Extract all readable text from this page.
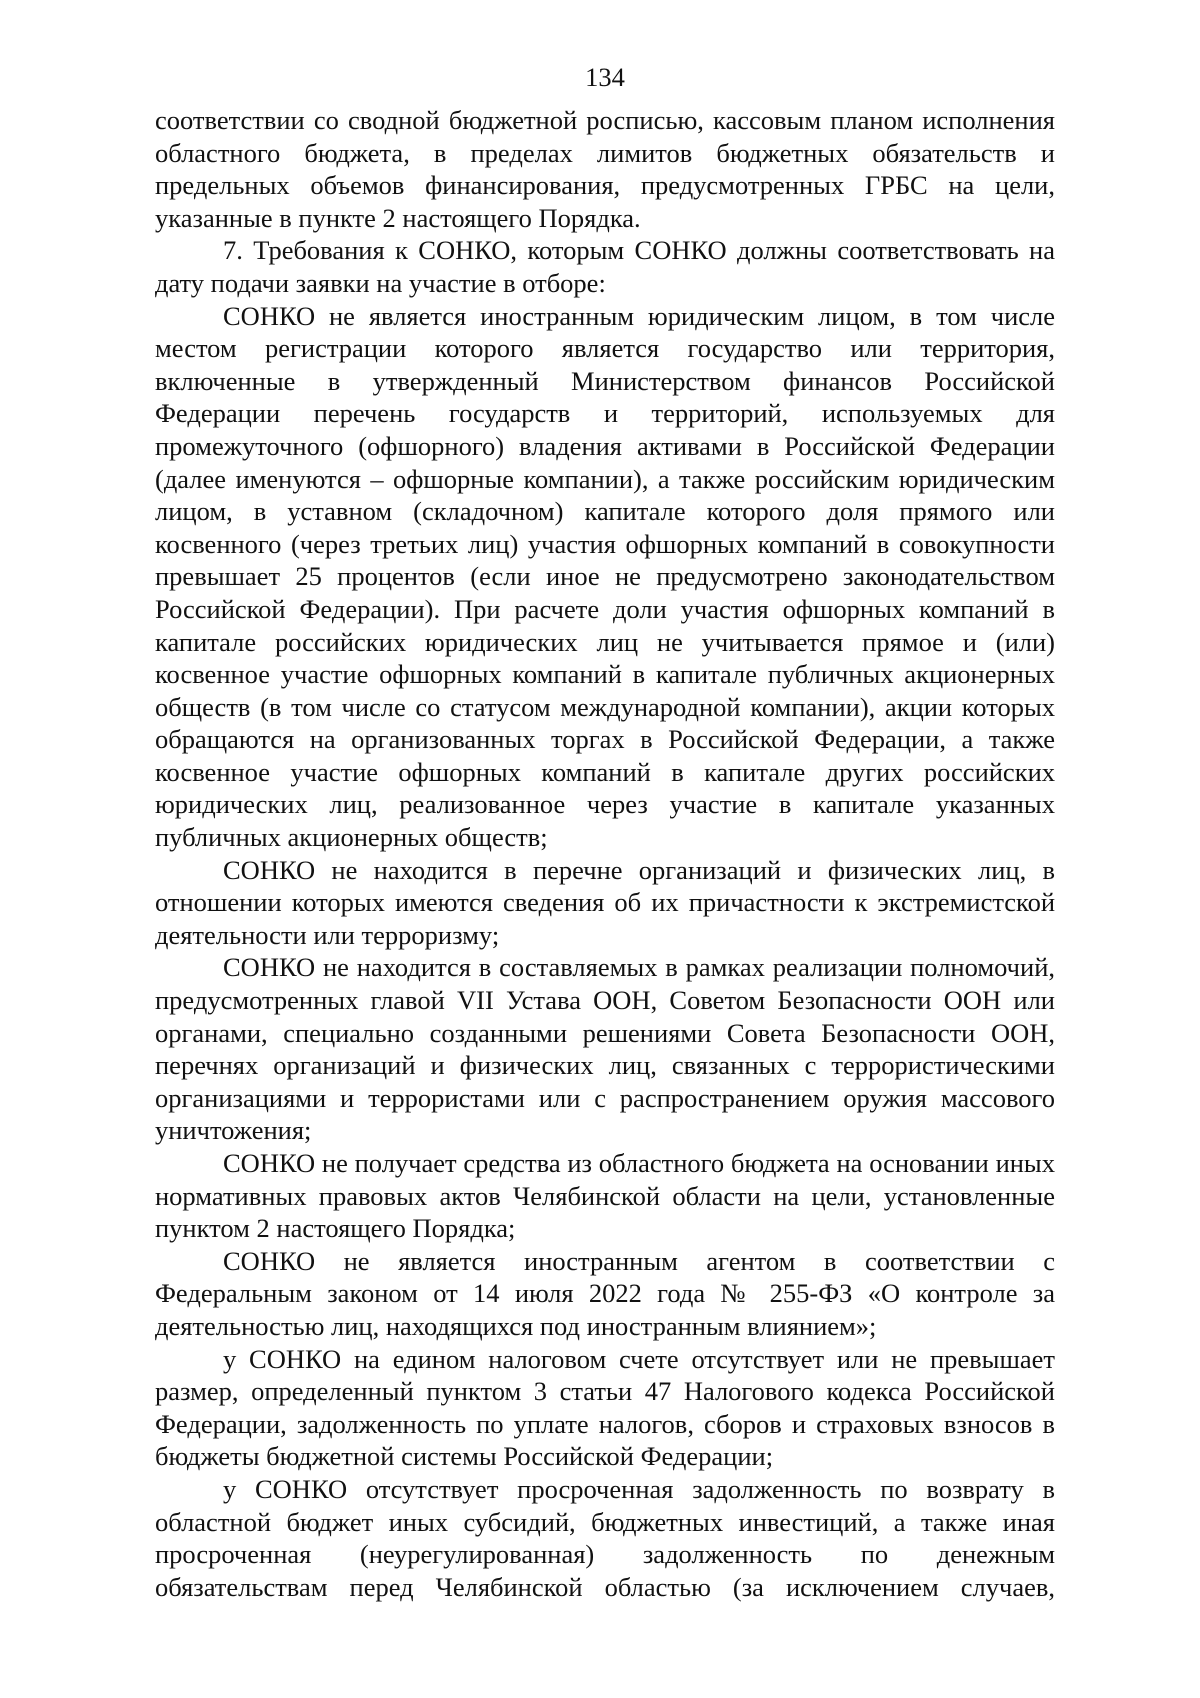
134

соответствии со сводной бюджетной росписью, кассовым планом исполнения областного бюджета, в пределах лимитов бюджетных обязательств и предельных объемов финансирования, предусмотренных ГРБС на цели, указанные в пункте 2 настоящего Порядка.

7. Требования к СОНКО, которым СОНКО должны соответствовать на дату подачи заявки на участие в отборе:

СОНКО не является иностранным юридическим лицом, в том числе местом регистрации которого является государство или территория, включенные в утвержденный Министерством финансов Российской Федерации перечень государств и территорий, используемых для промежуточного (офшорного) владения активами в Российской Федерации (далее именуются – офшорные компании), а также российским юридическим лицом, в уставном (складочном) капитале которого доля прямого или косвенного (через третьих лиц) участия офшорных компаний в совокупности превышает 25 процентов (если иное не предусмотрено законодательством Российской Федерации). При расчете доли участия офшорных компаний в капитале российских юридических лиц не учитывается прямое и (или) косвенное участие офшорных компаний в капитале публичных акционерных обществ (в том числе со статусом международной компании), акции которых обращаются на организованных торгах в Российской Федерации, а также косвенное участие офшорных компаний в капитале других российских юридических лиц, реализованное через участие в капитале указанных публичных акционерных обществ;

СОНКО не находится в перечне организаций и физических лиц, в отношении которых имеются сведения об их причастности к экстремистской деятельности или терроризму;

СОНКО не находится в составляемых в рамках реализации полномочий, предусмотренных главой VII Устава ООН, Советом Безопасности ООН или органами, специально созданными решениями Совета Безопасности ООН, перечнях организаций и физических лиц, связанных с террористическими организациями и террористами или с распространением оружия массового уничтожения;

СОНКО не получает средства из областного бюджета на основании иных нормативных правовых актов Челябинской области на цели, установленные пунктом 2 настоящего Порядка;

СОНКО не является иностранным агентом в соответствии с Федеральным законом от 14 июля 2022 года № 255-ФЗ «О контроле за деятельностью лиц, находящихся под иностранным влиянием»;

у СОНКО на едином налоговом счете отсутствует или не превышает размер, определенный пунктом 3 статьи 47 Налогового кодекса Российской Федерации, задолженность по уплате налогов, сборов и страховых взносов в бюджеты бюджетной системы Российской Федерации;

у СОНКО отсутствует просроченная задолженность по возврату в областной бюджет иных субсидий, бюджетных инвестиций, а также иная просроченная (неурегулированная) задолженность по денежным обязательствам перед Челябинской областью (за исключением случаев,
